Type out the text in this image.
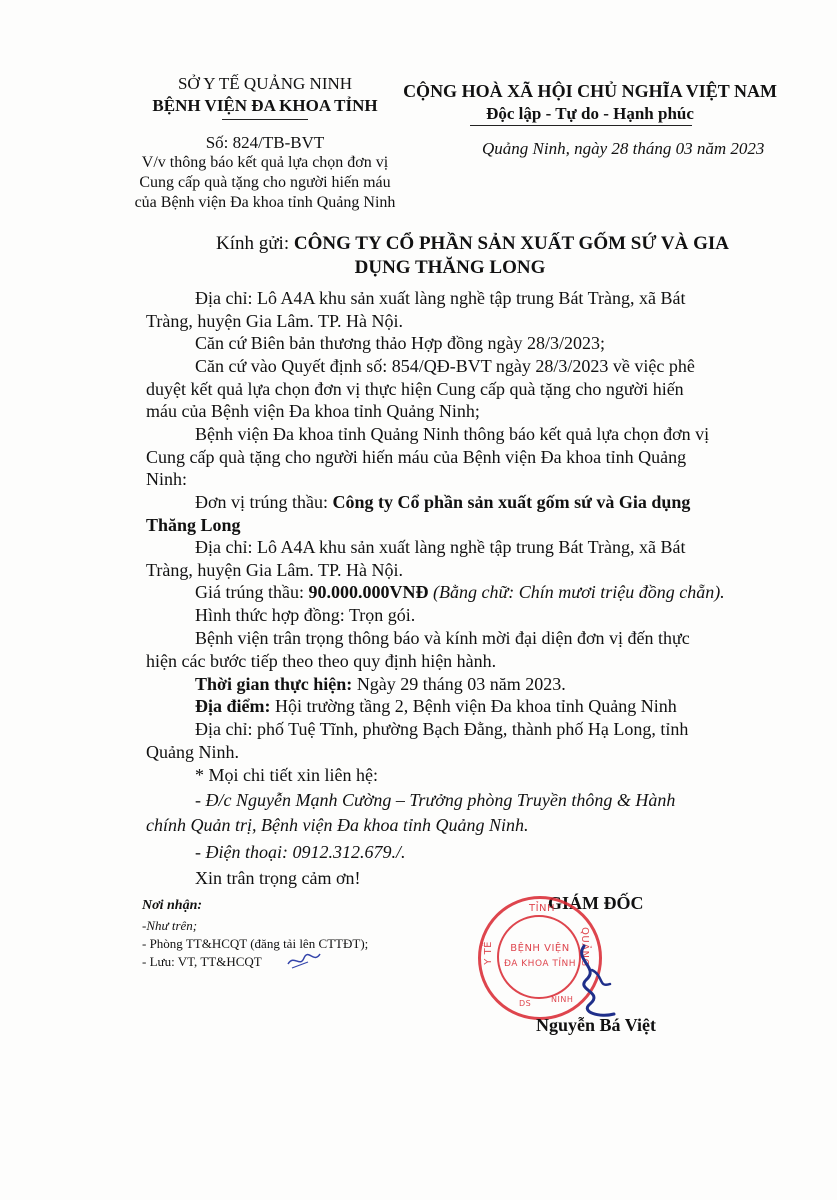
SỞ Y TẾ QUẢNG NINH
BỆNH VIỆN ĐA KHOA TỈNH
Số: 824/TB-BVT
V/v thông báo kết quả lựa chọn đơn vị
Cung cấp quà tặng cho người hiến máu
của Bệnh viện Đa khoa tỉnh Quảng Ninh
CỘNG HOÀ XÃ HỘI CHỦ NGHĨA VIỆT NAM
Độc lập - Tự do - Hạnh phúc
Quảng Ninh, ngày 28 tháng 03 năm 2023
Kính gửi: CÔNG TY CỔ PHẦN SẢN XUẤT GỐM SỨ VÀ GIA
DỤNG THĂNG LONG
Địa chỉ: Lô A4A khu sản xuất làng nghề tập trung Bát Tràng, xã Bát
Tràng, huyện Gia Lâm. TP. Hà Nội.
Căn cứ Biên bản thương thảo Hợp đồng ngày 28/3/2023;
Căn cứ vào Quyết định số: 854/QĐ-BVT ngày 28/3/2023 về việc phê
duyệt kết quả lựa chọn đơn vị thực hiện Cung cấp quà tặng cho người hiến
máu của Bệnh viện Đa khoa tỉnh Quảng Ninh;
Bệnh viện Đa khoa tỉnh Quảng Ninh thông báo kết quả lựa chọn đơn vị
Cung cấp quà tặng cho người hiến máu của Bệnh viện Đa khoa tỉnh Quảng
Ninh:
Đơn vị trúng thầu: Công ty Cổ phần sản xuất gốm sứ và Gia dụng
Thăng Long
Địa chỉ: Lô A4A khu sản xuất làng nghề tập trung Bát Tràng, xã Bát
Tràng, huyện Gia Lâm. TP. Hà Nội.
Giá trúng thầu: 90.000.000VNĐ (Bằng chữ: Chín mươi triệu đồng chẵn).
Hình thức hợp đồng: Trọn gói.
Bệnh viện trân trọng thông báo và kính mời đại diện đơn vị đến thực
hiện các bước tiếp theo theo quy định hiện hành.
Thời gian thực hiện: Ngày 29 tháng 03 năm 2023.
Địa điểm: Hội trường tầng 2, Bệnh viện Đa khoa tỉnh Quảng Ninh
Địa chỉ: phố Tuệ Tĩnh, phường Bạch Đằng, thành phố Hạ Long, tỉnh
Quảng Ninh.
* Mọi chi tiết xin liên hệ:
- Đ/c Nguyễn Mạnh Cường – Trưởng phòng Truyền thông & Hành
chính Quản trị, Bệnh viện Đa khoa tỉnh Quảng Ninh.
- Điện thoại: 0912.312.679./.
Xin trân trọng cảm ơn!
Nơi nhận:
-Như trên;
- Phòng TT&HCQT (đăng tải lên CTTĐT);
- Lưu: VT, TT&HCQT
GIÁM ĐỐC
TỈNH
Y TẾ	QUẢNG
BỆNH VIỆN
ĐA KHOA TỈNH
DS NINH
Nguyễn Bá Việt
